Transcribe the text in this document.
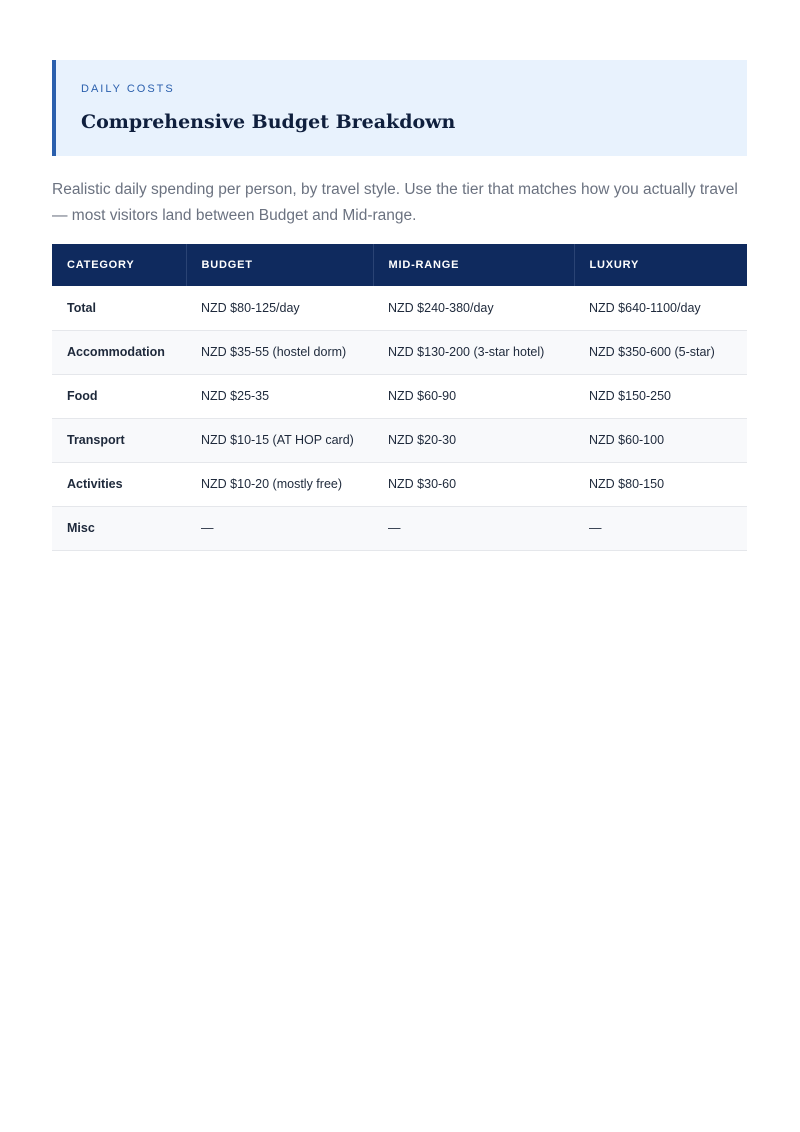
DAILY COSTS
Comprehensive Budget Breakdown

Realistic daily spending per person, by travel style. Use the tier that matches how you actually travel — most visitors land between Budget and Mid-range.

CATEGORY	BUDGET	MID-RANGE	LUXURY
Total	NZD $80-125/day	NZD $240-380/day	NZD $640-1100/day
Accommodation	NZD $35-55 (hostel dorm)	NZD $130-200 (3-star hotel)	NZD $350-600 (5-star)
Food	NZD $25-35	NZD $60-90	NZD $150-250
Transport	NZD $10-15 (AT HOP card)	NZD $20-30	NZD $60-100
Activities	NZD $10-20 (mostly free)	NZD $30-60	NZD $80-150
Misc	—	—	—
